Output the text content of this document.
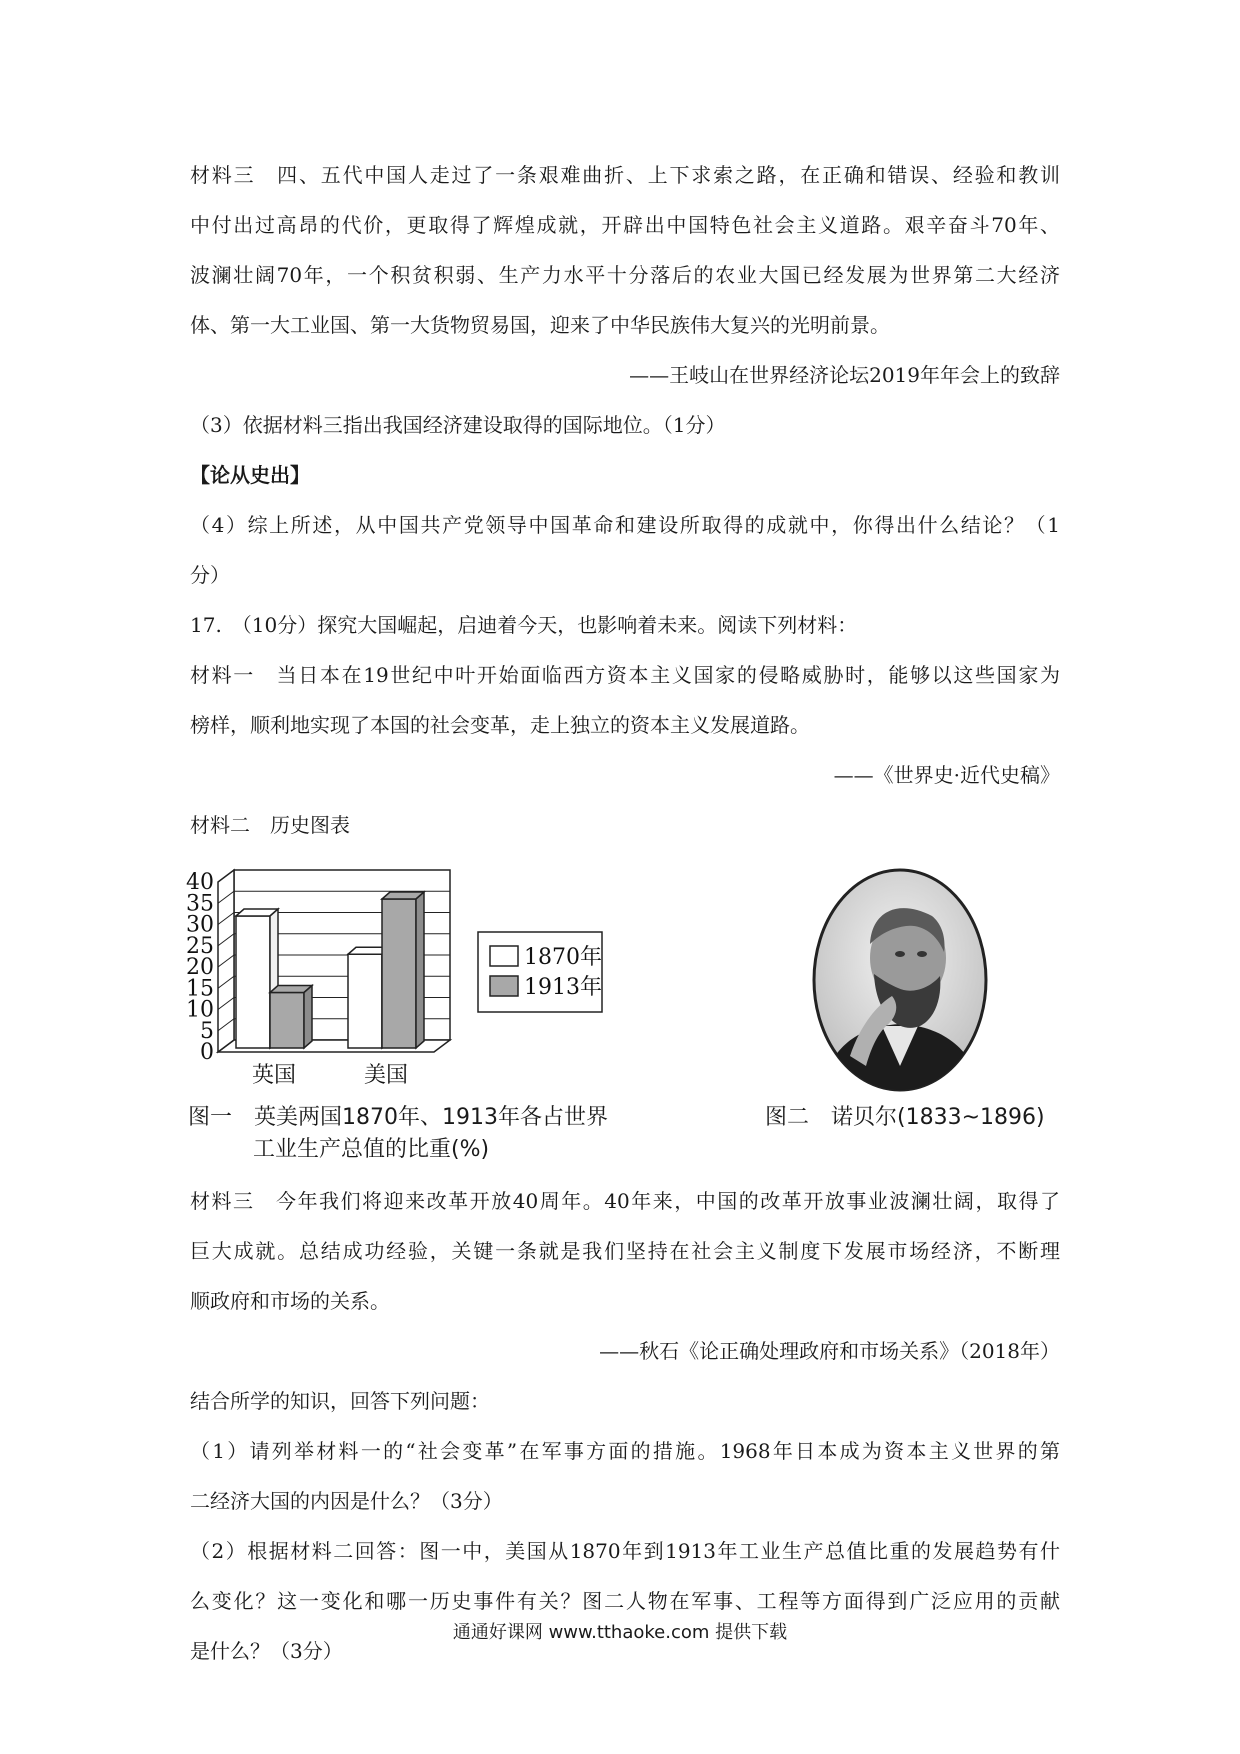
材料三　四、五代中国人走过了一条艰难曲折、上下求索之路，在正确和错误、经验和教训
中付出过高昂的代价，更取得了辉煌成就，开辟出中国特色社会主义道路。艰辛奋斗70年、
波澜壮阔70年，一个积贫积弱、生产力水平十分落后的农业大国已经发展为世界第二大经济
体、第一大工业国、第一大货物贸易国，迎来了中华民族伟大复兴的光明前景。
——王岐山在世界经济论坛2019年年会上的致辞
（3）依据材料三指出我国经济建设取得的国际地位。（1分）
【论从史出】
（4）综上所述，从中国共产党领导中国革命和建设所取得的成就中，你得出什么结论？（1
分）
17.　（10分）探究大国崛起，启迪着今天，也影响着未来。阅读下列材料：
材料一　当日本在19世纪中叶开始面临西方资本主义国家的侵略威胁时，能够以这些国家为
榜样，顺利地实现了本国的社会变革，走上独立的资本主义发展道路。
——《世界史·近代史稿》
材料二　历史图表
0
5
10
15
20
25
30
35
40
英国	美国
1870年
1913年
图一　英美两国1870年、1913年各占世界
工业生产总值的比重(%)
图二　诺贝尔(1833~1896)
材料三　今年我们将迎来改革开放40周年。40年来，中国的改革开放事业波澜壮阔，取得了
巨大成就。总结成功经验，关键一条就是我们坚持在社会主义制度下发展市场经济，不断理
顺政府和市场的关系。
——秋石《论正确处理政府和市场关系》（2018年）
结合所学的知识，回答下列问题：
（1）请列举材料一的“社会变革”在军事方面的措施。1968年日本成为资本主义世界的第
二经济大国的内因是什么？（3分）
（2）根据材料二回答：图一中，美国从1870年到1913年工业生产总值比重的发展趋势有什
么变化？这一变化和哪一历史事件有关？图二人物在军事、工程等方面得到广泛应用的贡献
是什么？（3分）
通通好课网 www.tthaoke.com 提供下载
